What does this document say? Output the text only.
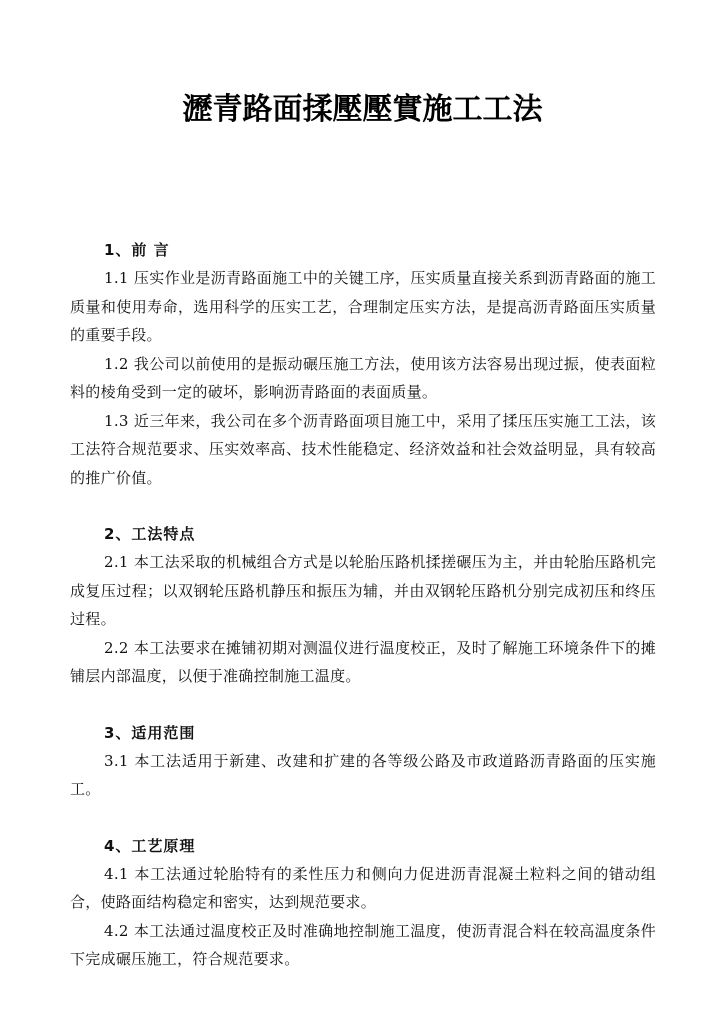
瀝青路面揉壓壓實施工工法
1、前 言

1.1 压实作业是沥青路面施工中的关键工序，压实质量直接关系到沥青路面的施工质量和使用寿命，选用科学的压实工艺，合理制定压实方法，是提高沥青路面压实质量的重要手段。

1.2 我公司以前使用的是振动碾压施工方法，使用该方法容易出现过振，使表面粒料的棱角受到一定的破坏，影响沥青路面的表面质量。

1.3 近三年来，我公司在多个沥青路面项目施工中，采用了揉压压实施工工法，该工法符合规范要求、压实效率高、技术性能稳定、经济效益和社会效益明显，具有较高的推广价值。

2、工法特点

2.1 本工法采取的机械组合方式是以轮胎压路机揉搓碾压为主，并由轮胎压路机完成复压过程；以双钢轮压路机静压和振压为辅，并由双钢轮压路机分别完成初压和终压过程。

2.2 本工法要求在摊铺初期对测温仪进行温度校正，及时了解施工环境条件下的摊铺层内部温度，以便于准确控制施工温度。

3、适用范围

3.1 本工法适用于新建、改建和扩建的各等级公路及市政道路沥青路面的压实施工。

4、工艺原理

4.1 本工法通过轮胎特有的柔性压力和侧向力促进沥青混凝土粒料之间的错动组合，使路面结构稳定和密实，达到规范要求。

4.2 本工法通过温度校正及时准确地控制施工温度，使沥青混合料在较高温度条件下完成碾压施工，符合规范要求。
